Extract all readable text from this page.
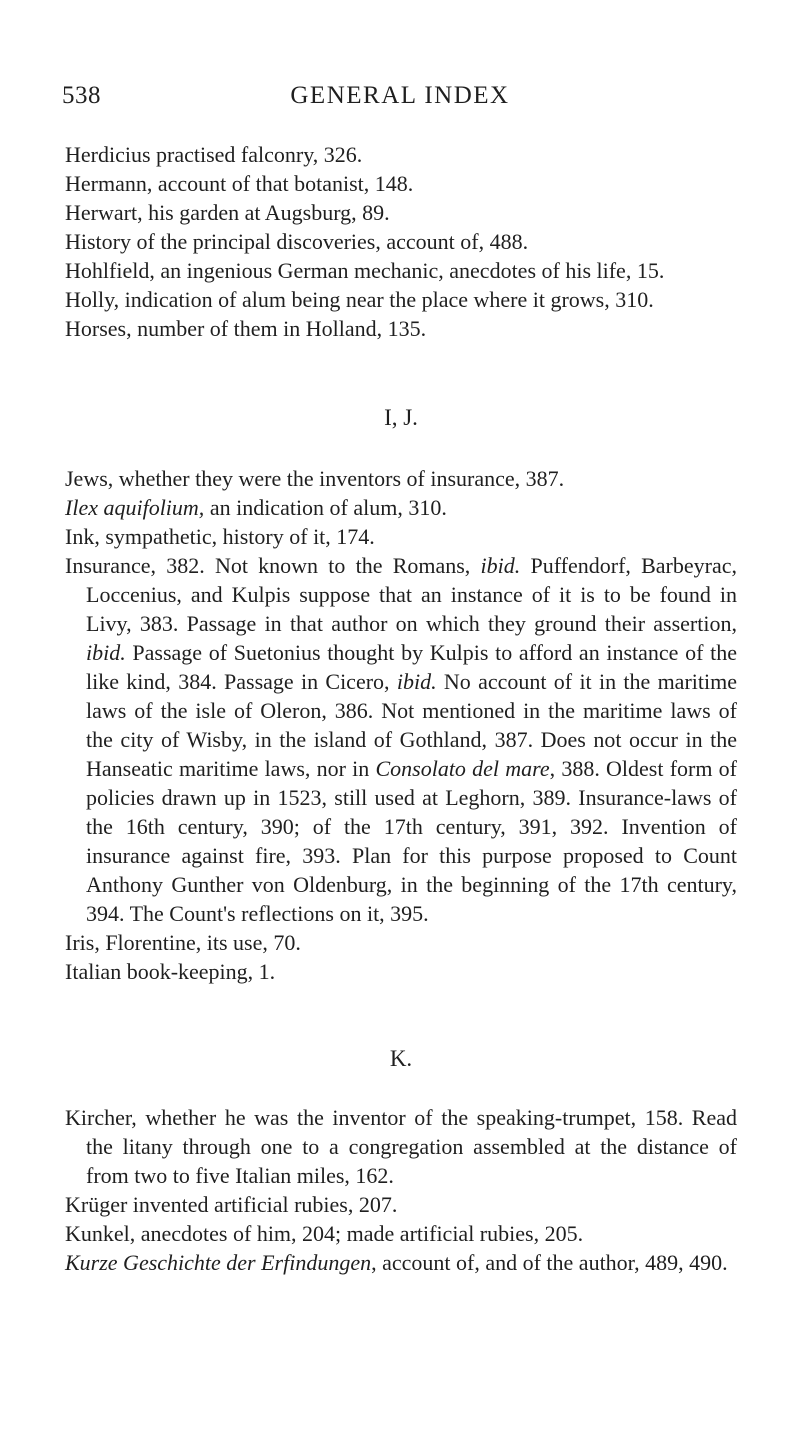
538	GENERAL INDEX

Herdicius practised falconry, 326.

Hermann, account of that botanist, 148.

Herwart, his garden at Augsburg, 89.

History of the principal discoveries, account of, 488.

Hohlfield, an ingenious German mechanic, anecdotes of his life, 15.

Holly, indication of alum being near the place where it grows, 310.

Horses, number of them in Holland, 135.

I, J.

Jews, whether they were the inventors of insurance, 387.

Ilex aquifolium, an indication of alum, 310.

Ink, sympathetic, history of it, 174.

Insurance, 382. Not known to the Romans, ibid. Puffendorf, Barbeyrac, Loccenius, and Kulpis suppose that an instance of it is to be found in Livy, 383. Passage in that author on which they ground their assertion, ibid. Passage of Suetonius thought by Kulpis to afford an instance of the like kind, 384. Passage in Cicero, ibid. No account of it in the maritime laws of the isle of Oleron, 386. Not mentioned in the maritime laws of the city of Wisby, in the island of Gothland, 387. Does not occur in the Hanseatic maritime laws, nor in Consolato del mare, 388. Oldest form of policies drawn up in 1523, still used at Leghorn, 389. Insurance-laws of the 16th century, 390; of the 17th century, 391, 392. Invention of insurance against fire, 393. Plan for this purpose proposed to Count Anthony Gunther von Oldenburg, in the beginning of the 17th century, 394. The Count's reflections on it, 395.

Iris, Florentine, its use, 70.

Italian book-keeping, 1.

K.

Kircher, whether he was the inventor of the speaking-trumpet, 158. Read the litany through one to a congregation assembled at the distance of from two to five Italian miles, 162.

Krüger invented artificial rubies, 207.

Kunkel, anecdotes of him, 204; made artificial rubies, 205.

Kurze Geschichte der Erfindungen, account of, and of the author, 489, 490.
